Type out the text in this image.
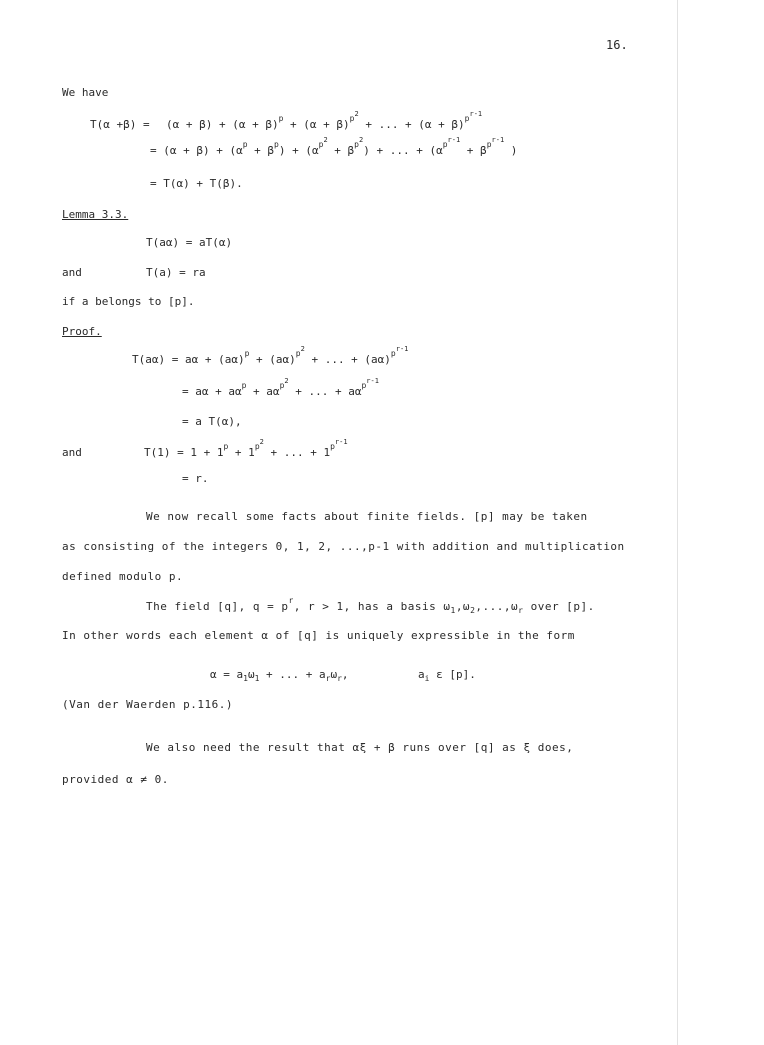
16.
We have
$T(\alpha +\beta) = (\alpha + \beta) + (\alpha + \beta)^p + (\alpha + \beta)^{p^2}$ + ... + $(\alpha + \beta)^{p^{r-1}}$
= $(\alpha + \beta) + (\alpha^p + \beta^p) + (\alpha^{p^2} + \beta^{p^2})$ + ... + ($\alpha^{p^{r-1}} + \beta^{p^{r-1}}$ )
= T(α) + T(β).
Lemma 3.3.
T(aα) = aT(α)
and	T(a) = ra
if a belongs to [p].
Proof.
$T(a\alpha) = a\alpha + (a\alpha)^p + (a\alpha)^{p^2}$ + ... + $(a\alpha)^{p^{r-1}}$
= $a\alpha + a\alpha^p + a\alpha^{p^2}$ + ... + $a\alpha^{p^{r-1}}$
= a T(α),
and	$T(1) = 1 + 1^p + 1^{p^2}$ + ... + $1^{p^{r-1}}$
= r.
We now recall some facts about finite fields. [p] may be taken
as consisting of the integers 0, 1, 2, ...,p-1 with addition and multiplication
defined modulo p.
The field [q], $q = p^r$, r > 1, has a basis $\omega_1,\omega_2,...,\omega_r$ over [p].
In other words each element α of [q] is uniquely expressible in the form
$\alpha = a_1\omega_1$ + ... + $a_r\omega_r$,	$a_i$ ε [p].
(Van der Waerden p.116.)
We also need the result that αξ + β runs over [q] as ξ does,
provided α ≠ 0.
